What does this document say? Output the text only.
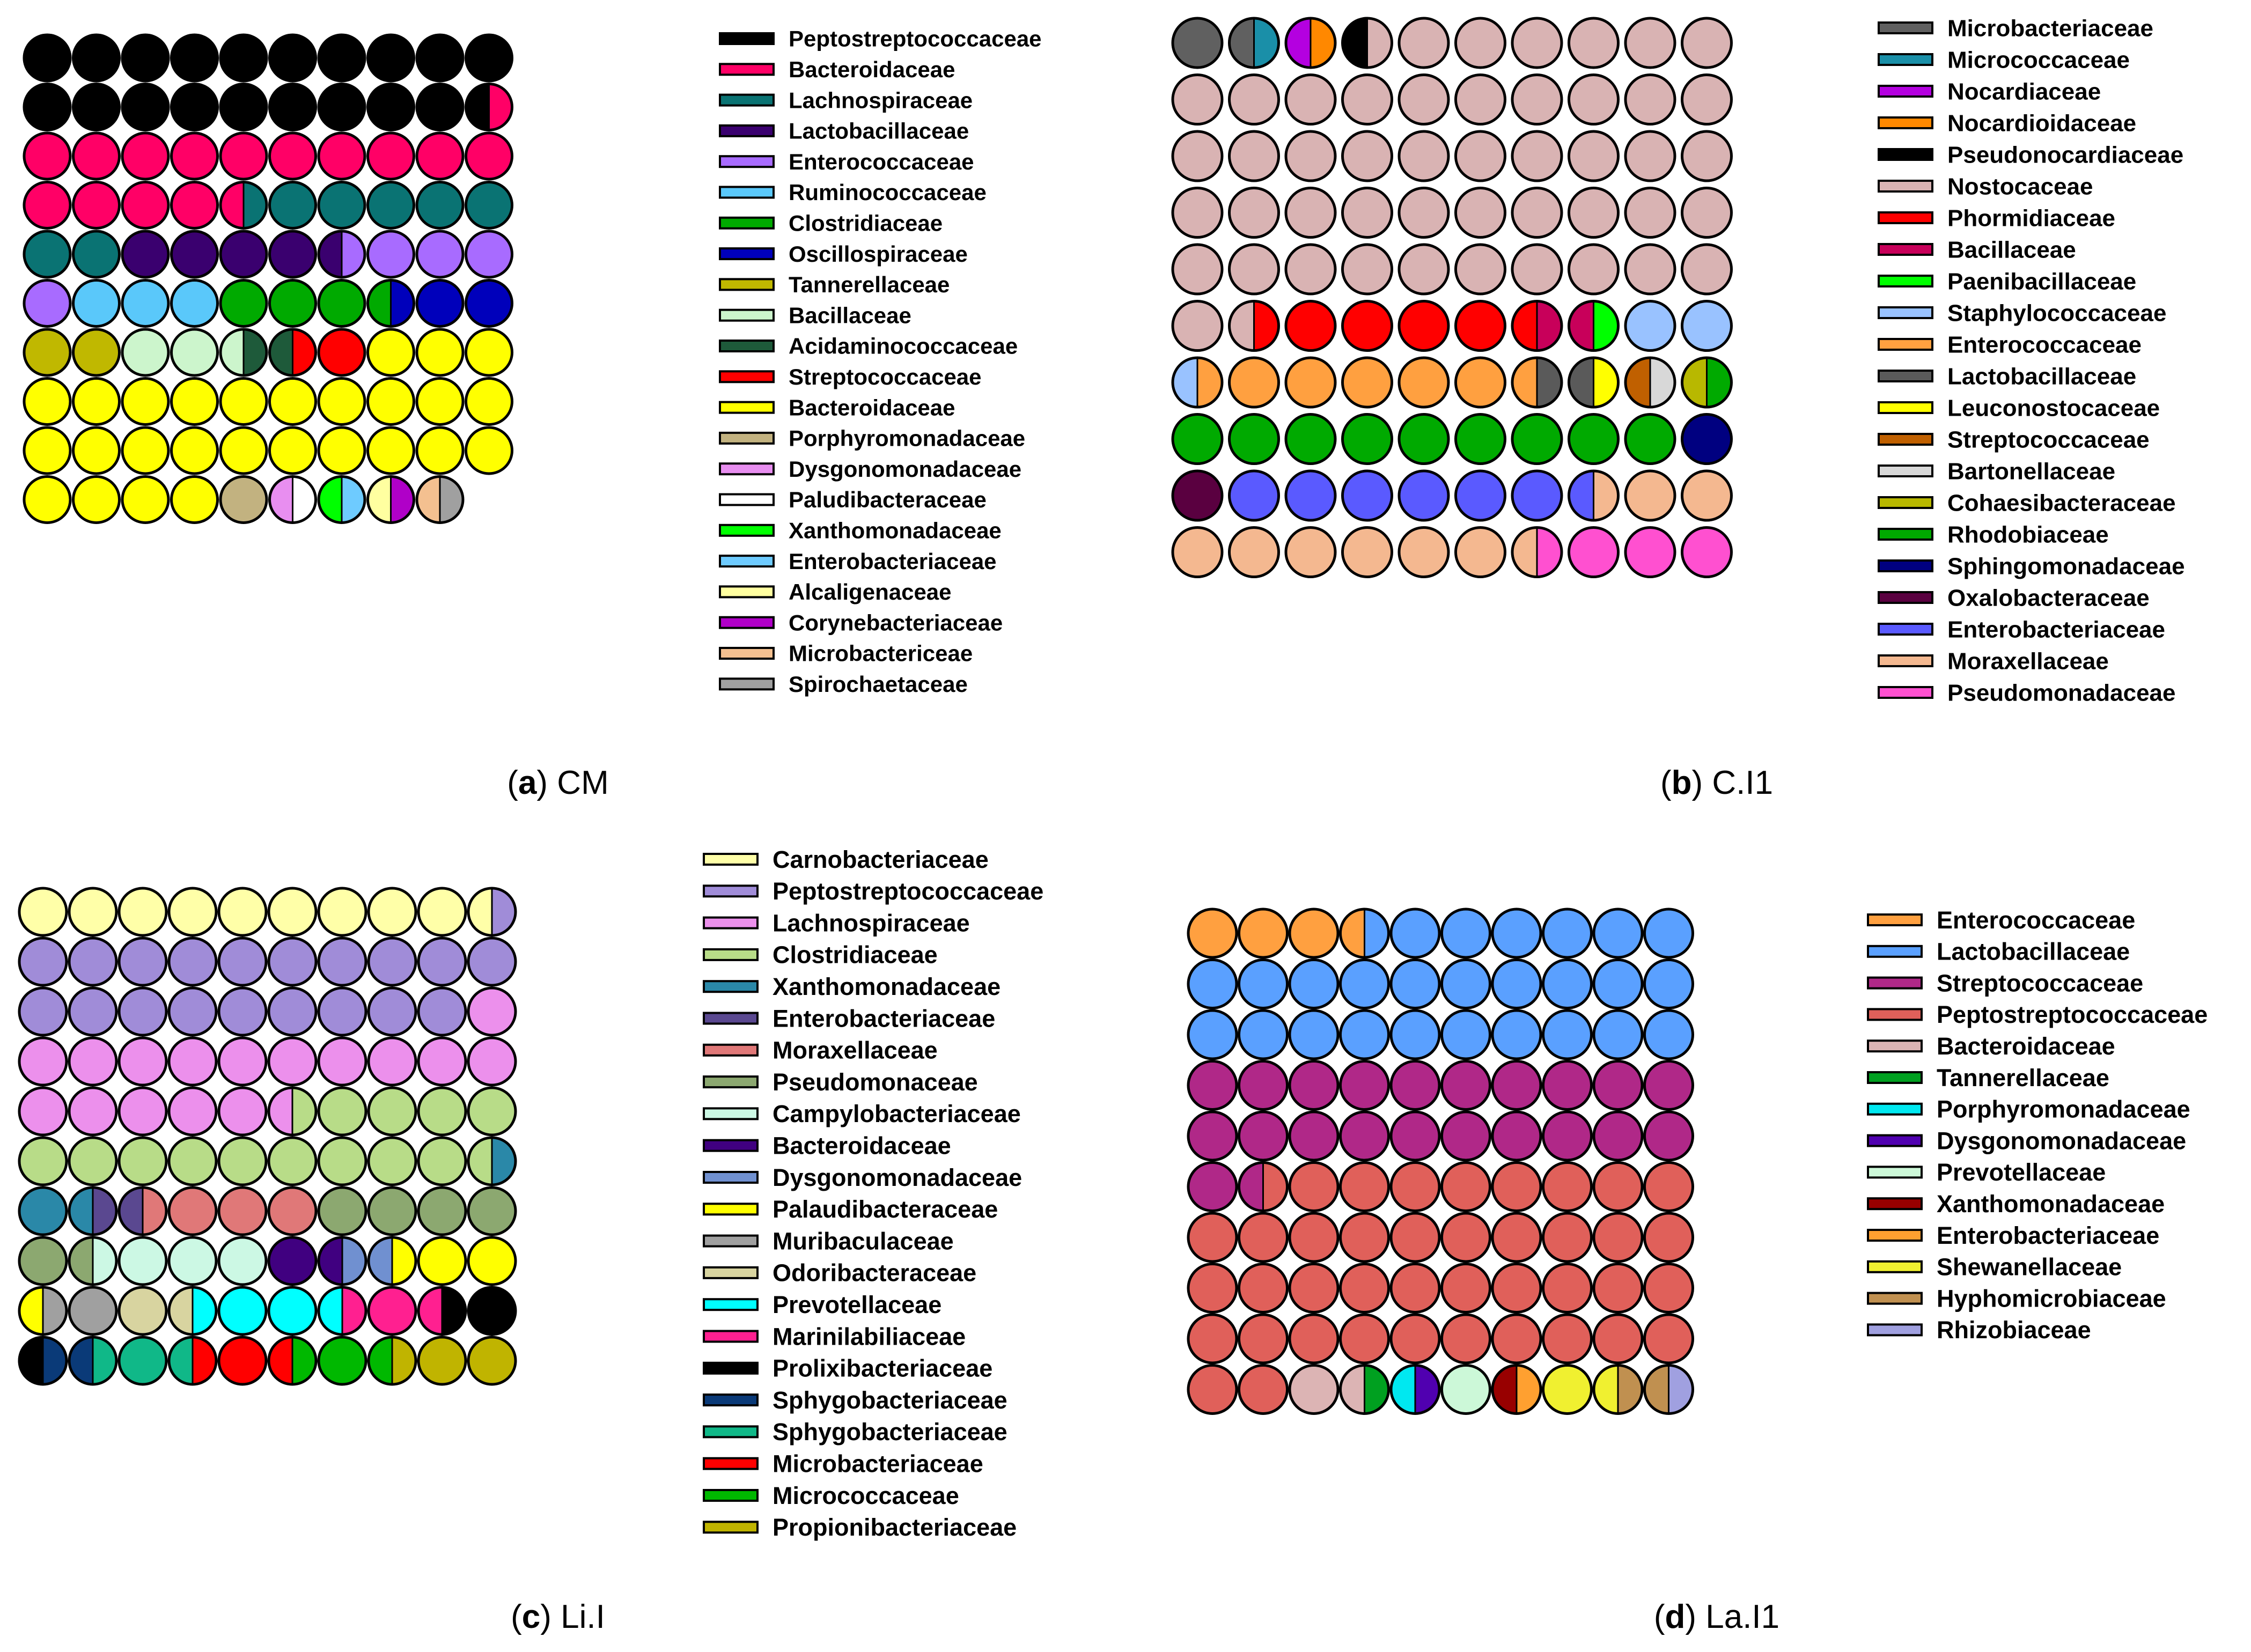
Peptostreptococcaceae
Bacteroidaceae
Lachnospiraceae
Lactobacillaceae
Enterococcaceae
Ruminococcaceae
Clostridiaceae
Oscillospiraceae
Tannerellaceae
Bacillaceae
Acidaminococcaceae
Streptococcaceae
Bacteroidaceae
Porphyromonadaceae
Dysgonomonadaceae
Paludibacteraceae
Xanthomonadaceae
Enterobacteriaceae
Alcaligenaceae
Corynebacteriaceae
Microbactericeae
Spirochaetaceae
(a) CM
Microbacteriaceae
Micrococcaceae
Nocardiaceae
Nocardioidaceae
Pseudonocardiaceae
Nostocaceae
Phormidiaceae
Bacillaceae
Paenibacillaceae
Staphylococcaceae
Enterococcaceae
Lactobacillaceae
Leuconostocaceae
Streptococcaceae
Bartonellaceae
Cohaesibacteraceae
Rhodobiaceae
Sphingomonadaceae
Oxalobacteraceae
Enterobacteriaceae
Moraxellaceae
Pseudomonadaceae
(b) C.I1
Carnobacteriaceae
Peptostreptococcaceae
Lachnospiraceae
Clostridiaceae
Xanthomonadaceae
Enterobacteriaceae
Moraxellaceae
Pseudomonaceae
Campylobacteriaceae
Bacteroidaceae
Dysgonomonadaceae
Palaudibacteraceae
Muribaculaceae
Odoribacteraceae
Prevotellaceae
Marinilabiliaceae
Prolixibacteriaceae
Sphygobacteriaceae
Sphygobacteriaceae
Microbacteriaceae
Micrococcaceae
Propionibacteriaceae
(c) Li.I
Enterococcaceae
Lactobacillaceae
Streptococcaceae
Peptostreptococcaceae
Bacteroidaceae
Tannerellaceae
Porphyromonadaceae
Dysgonomonadaceae
Prevotellaceae
Xanthomonadaceae
Enterobacteriaceae
Shewanellaceae
Hyphomicrobiaceae
Rhizobiaceae
(d) La.I1
